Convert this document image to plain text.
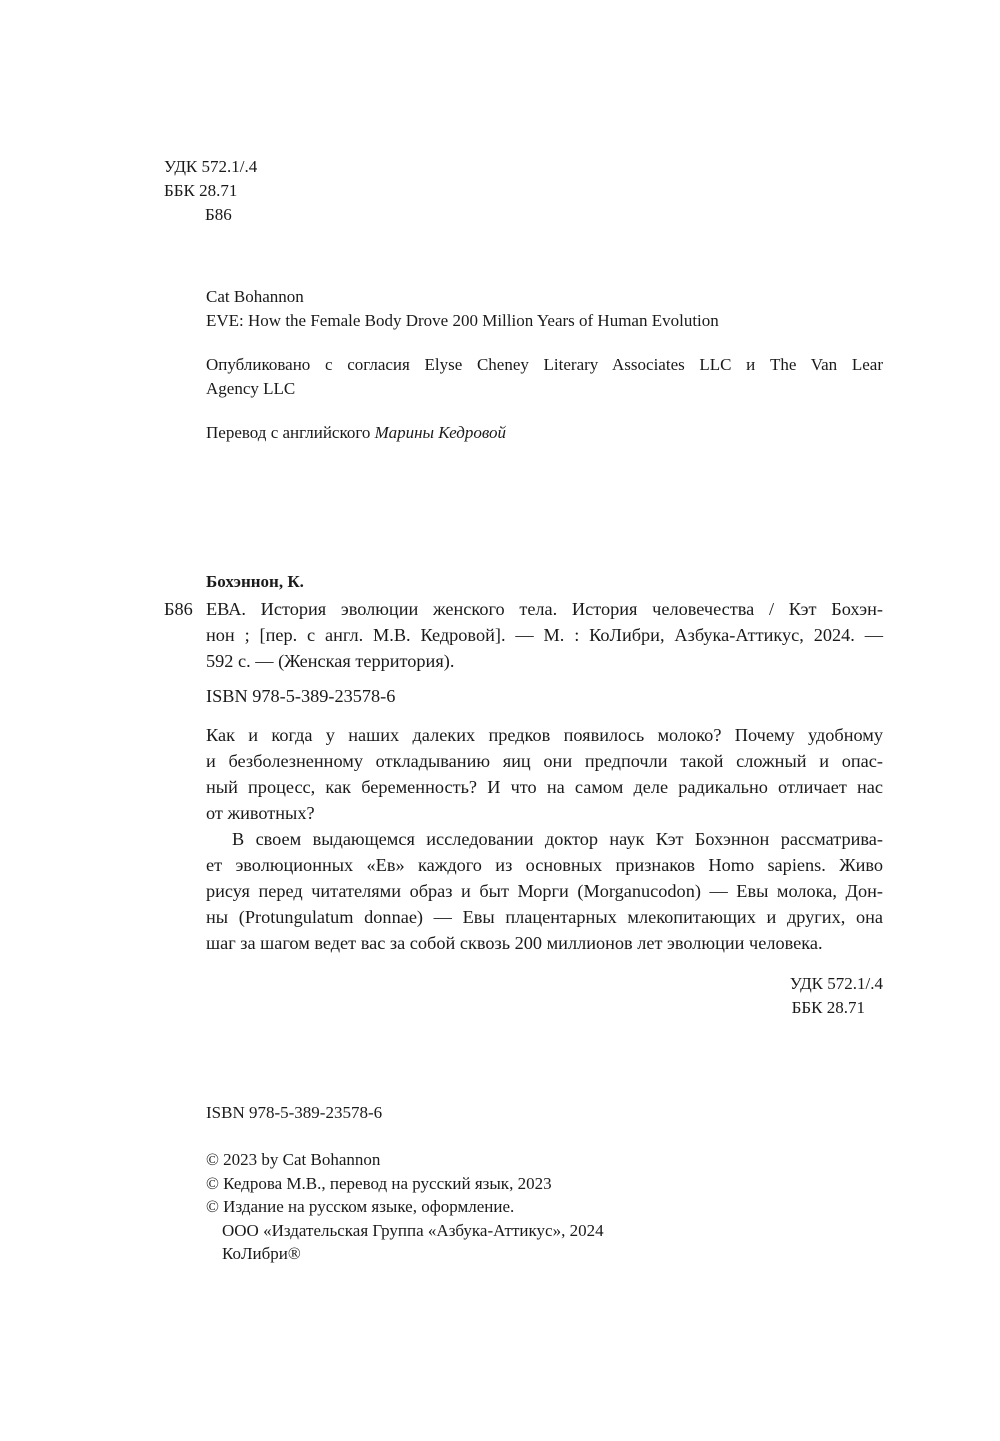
УДК 572.1/.4
ББК 28.71
Б86
Cat Bohannon
EVE: How the Female Body Drove 200 Million Years of Human Evolution
Опубликовано с согласия Elyse Cheney Literary Associates LLC и The Van Lear
Agency LLC
Перевод с английского Марины Кедровой
Бохэннон, К.
Б86 ЕВА. История эволюции женского тела. История человечества / Кэт Бохэн-
нон ; [пер. с англ. М.В. Кедровой]. — М. : КоЛибри, Азбука-Аттикус, 2024. —
592 с. — (Женская территория).
ISBN 978-5-389-23578-6
Как и когда у наших далеких предков появилось молоко? Почему удобному
и безболезненному откладыванию яиц они предпочли такой сложный и опас-
ный процесс, как беременность? И что на самом деле радикально отличает нас
от животных?
В своем выдающемся исследовании доктор наук Кэт Бохэннон рассматрива-
ет эволюционных «Ев» каждого из основных признаков Homo sapiens. Живо
рисуя перед читателями образ и быт Морги (Morganucodon) — Евы молока, Дон-
ны (Protungulatum donnae) — Евы плацентарных млекопитающих и других, она
шаг за шагом ведет вас за собой сквозь 200 миллионов лет эволюции человека.
УДК 572.1/.4
ББК 28.71
ISBN 978-5-389-23578-6
© 2023 by Cat Bohannon
© Кедрова М.В., перевод на русский язык, 2023
© Издание на русском языке, оформление.
ООО «Издательская Группа «Азбука-Аттикус», 2024
КоЛибри®
